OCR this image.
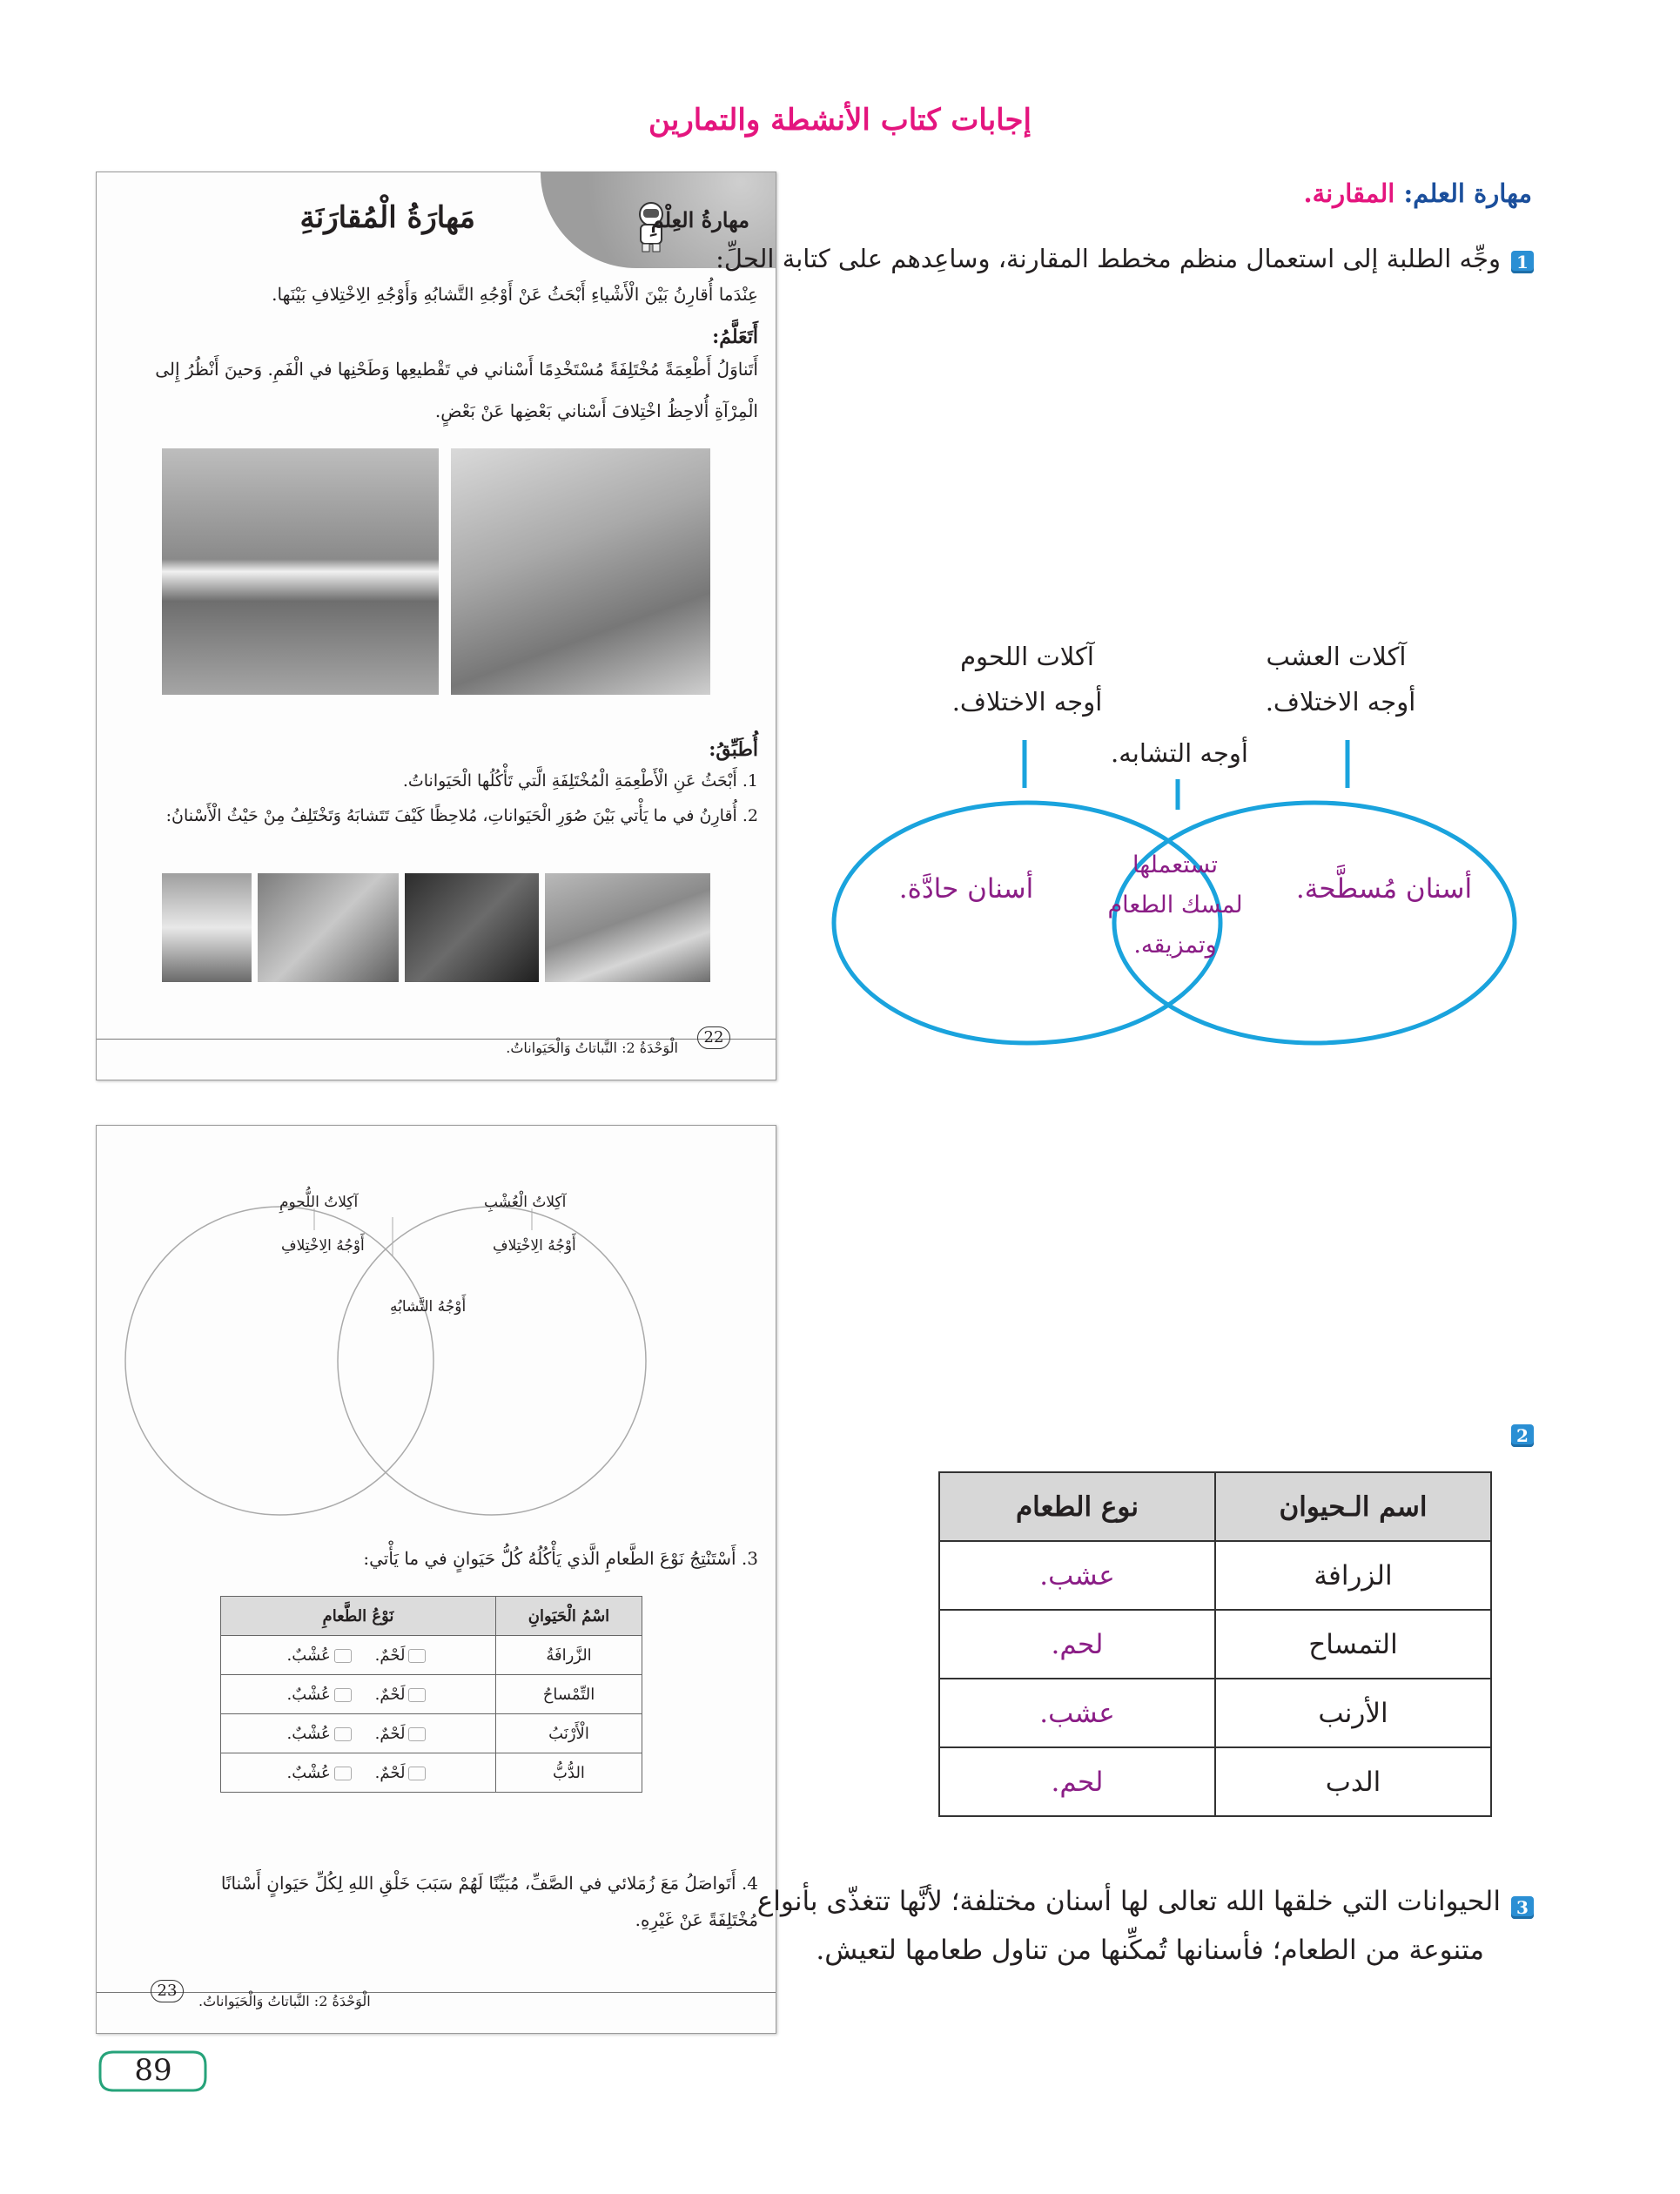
إجابات كتاب الأنشطة والتمارين
مهارةُ العِلْمِ
مَهارَةُ الْمُقارَنَةِ
عِنْدَما أُقارِنُ بَيْنَ الْأَشْياءِ أَبْحَثُ عَنْ أَوْجُهِ التَّشابُهِ وَأَوْجُهِ الِاخْتِلافِ بَيْنَها.
أَتَعَلَّمُ:
أَتَناوَلُ أَطْعِمَةً مُخْتَلِفَةً مُسْتَخْدِمًا أَسْناني في تَقْطيعِها وَطَحْنِها في الْفَمِ. وَحينَ أَنْظُرُ إِلى
الْمِرْآةِ أُلاحِظُ اخْتِلافَ أَسْناني بَعْضِها عَنْ بَعْضٍ.
أُطَبِّقُ:
1. أَبْحَثُ عَنِ الْأَطْعِمَةِ الْمُخْتَلِفَةِ الَّتي تَأْكُلُها الْحَيَواناتُ.
2. أُقارِنُ في ما يَأْتي بَيْنَ صُوَرِ الْحَيَواناتِ، مُلاحِظًا كَيْفَ تَتَشابَهُ وَتَخْتَلِفُ مِنْ حَيْثُ الْأَسْنانُ:
22
الْوَحْدَةُ 2: النَّباتاتُ وَالْحَيَواناتُ.
آكِلاتُ اللُّحومِ	آكِلاتُ الْعُشْبِ
أَوْجُهُ الِاخْتِلافِ	أَوْجُهُ الِاخْتِلافِ
أَوْجُهُ التَّشابُهِ
3. أَسْتَنْتِجُ نَوْعَ الطَّعامِ الَّذي يَأْكُلُهُ كُلُّ حَيَوانٍ في ما يَأْتي:
اسْمُ الْحَيَوانِ	نَوْعُ الطَّعامِ
الزَّرافَةُ	لَحْمٌ.    عُشْبٌ.
التِّمْساحُ	لَحْمٌ.    عُشْبٌ.
الْأَرْنَبُ	لَحْمٌ.    عُشْبٌ.
الدُّبُّ	لَحْمٌ.    عُشْبٌ.
4. أَتَواصَلُ مَعَ زُمَلائي في الصَّفِّ، مُبَيِّنًا لَهُمْ سَبَبَ خَلْقِ اللهِ لِكُلِّ حَيَوانٍ أَسْنانًا
مُخْتَلِفَةً عَنْ غَيْرِهِ.
23
الْوَحْدَةُ 2: النَّباتاتُ وَالْحَيَواناتُ.
مهارة العلم: المقارنة.
1
وجِّه الطلبة إلى استعمال منظم مخطط المقارنة، وساعِدهم على كتابة الحلِّ:
آكلات اللحوم
أوجه الاختلاف.
آكلات العشب
أوجه الاختلاف.
أوجه التشابه.
أسنان حادَّة.	أسنان مُسطَّحة.
تستعملها
لمسك الطعام
وتمزيقه.
2
اسم الـحيوان	نوع الطعام
الزرافة	عشب.
التمساح	لحم.
الأرنب	عشب.
الدب	لحم.
3
الحيوانات التي خلقها الله تعالى لها أسنان مختلفة؛ لأنَّها تتغذّى بأنواع
متنوعة من الطعام؛ فأسنانها تُمكِّنها من تناول طعامها لتعيش.
89
